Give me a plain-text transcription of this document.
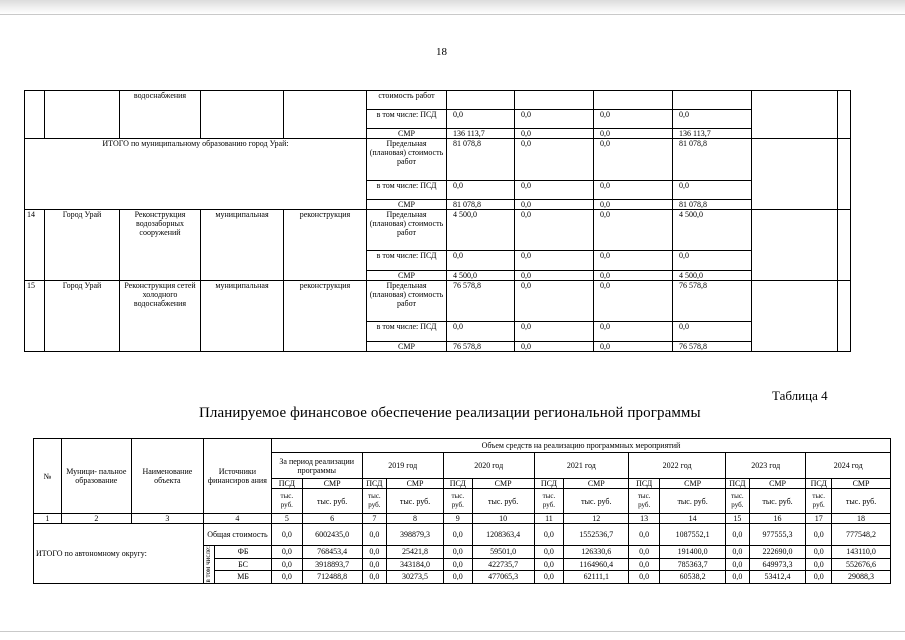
18
		водоснабжения			стоимость работ						
					в том числе: ПСД	0,0	0,0	0,0	0,0		
					СМР	136 113,7	0,0	0,0	136 113,7		
ИТОГО по муниципальному образованию город Урай:					Предельная (плановая) стоимость работ	81 078,8	0,0	0,0	81 078,8		
					в том числе: ПСД	0,0	0,0	0,0	0,0		
					СМР	81 078,8	0,0	0,0	81 078,8		
14	Город Урай	Реконструкция водозаборных сооружений	муниципальная	реконструкция	Предельная (плановая) стоимость работ	4 500,0	0,0	0,0	4 500,0		
					в том числе: ПСД	0,0	0,0	0,0	0,0		
					СМР	4 500,0	0,0	0,0	4 500,0		
15	Город Урай	Реконструкция сетей холодного водоснабжения	муниципальная	реконструкция	Предельная (плановая) стоимость работ	76 578,8	0,0	0,0	76 578,8		
					в том числе: ПСД	0,0	0,0	0,0	0,0		
					СМР	76 578,8	0,0	0,0	76 578,8		
Таблица 4
Планируемое финансовое обеспечение реализации региональной программы
№	Муници- пальное образование	Наименование объекта	Источники финансиров ания		Объем средств на реализацию программных мероприятий													
					За период реализации программы		2019 год		2020 год		2021 год		2022 год		2023 год		2024 год	
					ПСД	СМР	ПСД	СМР	ПСД	СМР	ПСД	СМР	ПСД	СМР	ПСД	СМР	ПСД	СМР
					тыс. руб.	тыс. руб.	тыс. руб.	тыс. руб.	тыс. руб.	тыс. руб.	тыс. руб.	тыс. руб.	тыс. руб.	тыс. руб.	тыс. руб.	тыс. руб.	тыс. руб.	тыс. руб.
1	2	3	4		5	6	7	8	9	10	11	12	13	14	15	16	17	18
ИТОГО по автономному округу:			Общая стоимость		0,0	6002435,0	0,0	398879,3	0,0	1208363,4	0,0	1552536,7	0,0	1087552,1	0,0	977555,3	0,0	777548,2
			в том числе:	ФБ	0,0	768453,4	0,0	25421,8	0,0	59501,0	0,0	126330,6	0,0	191400,0	0,0	222690,0	0,0	143110,0
				БС	0,0	3918893,7	0,0	343184,0	0,0	422735,7	0,0	1164960,4	0,0	785363,7	0,0	649973,3	0,0	552676,6
				МБ	0,0	712488,8	0,0	30273,5	0,0	477065,3	0,0	62111,1	0,0	60538,2	0,0	53412,4	0,0	29088,3
